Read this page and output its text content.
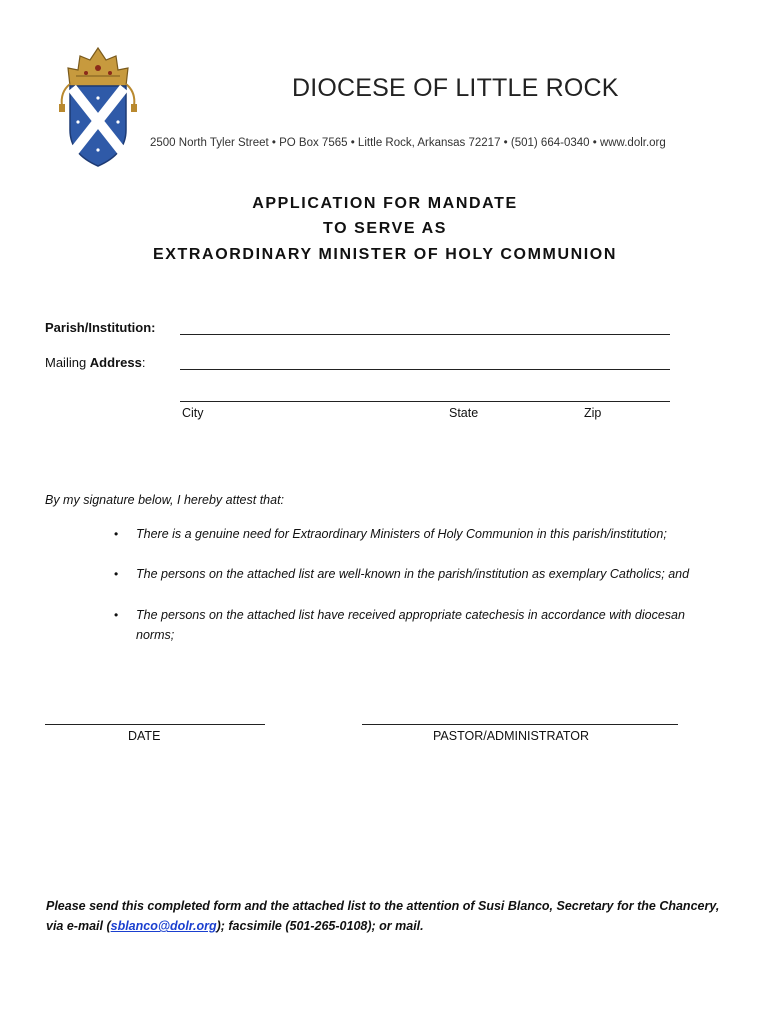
DIOCESE OF LITTLE ROCK
2500 North Tyler Street • PO Box 7565 • Little Rock, Arkansas 72217 • (501) 664-0340 • www.dolr.org
APPLICATION FOR MANDATE
TO SERVE AS
EXTRAORDINARY MINISTER OF HOLY COMMUNION
Parish/Institution:
Mailing Address:
City	State	Zip
By my signature below, I hereby attest that:
• There is a genuine need for Extraordinary Ministers of Holy Communion in this parish/institution;
• The persons on the attached list are well-known in the parish/institution as exemplary Catholics; and
• The persons on the attached list have received appropriate catechesis in accordance with diocesan
norms;
DATE	PASTOR/ADMINISTRATOR
Please send this completed form and the attached list to the attention of Susi Blanco, Secretary for the Chancery, via e-mail (sblanco@dolr.org); facsimile (501-265-0108); or mail.
